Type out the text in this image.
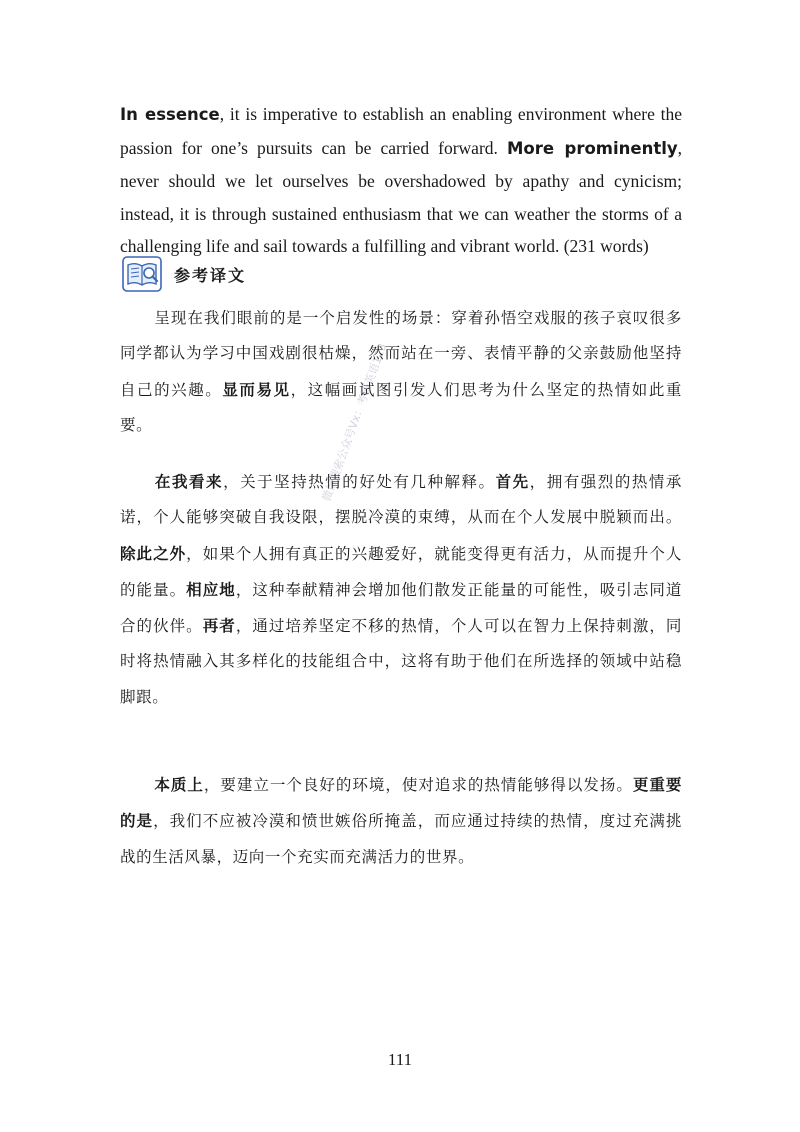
In essence, it is imperative to establish an enabling environment where the passion for one’s pursuits can be carried forward. More prominently, never should we let ourselves be overshadowed by apathy and cynicism; instead, it is through sustained enthusiasm that we can weather the storms of a challenging life and sail towards a fulfilling and vibrant world. (231 words)

参考译文

呈现在我们眼前的是一个启发性的场景：穿着孙悟空戏服的孩子哀叹很多同学都认为学习中国戏剧很枯燥，然而站在一旁、表情平静的父亲鼓励他坚持自己的兴趣。显而易见，这幅画试图引发人们思考为什么坚定的热情如此重要。

在我看来，关于坚持热情的好处有几种解释。首先，拥有强烈的热情承诺，个人能够突破自我设限，摆脱冷漠的束缚，从而在个人发展中脱颖而出。除此之外，如果个人拥有真正的兴趣爱好，就能变得更有活力，从而提升个人的能量。相应地，这种奉献精神会增加他们散发正能量的可能性，吸引志同道合的伙伴。再者，通过培养坚定不移的热情，个人可以在智力上保持刺激，同时将热情融入其多样化的技能组合中，这将有助于他们在所选择的领域中站稳脚跟。

本质上，要建立一个良好的环境，使对追求的热情能够得以发扬。更重要的是，我们不应被冷漠和愤世嫉俗所掩盖，而应通过持续的热情，度过充满挑战的生活风暴，迈向一个充实而充满活力的世界。

微信搜索公众号Vx：考研英语123
111
